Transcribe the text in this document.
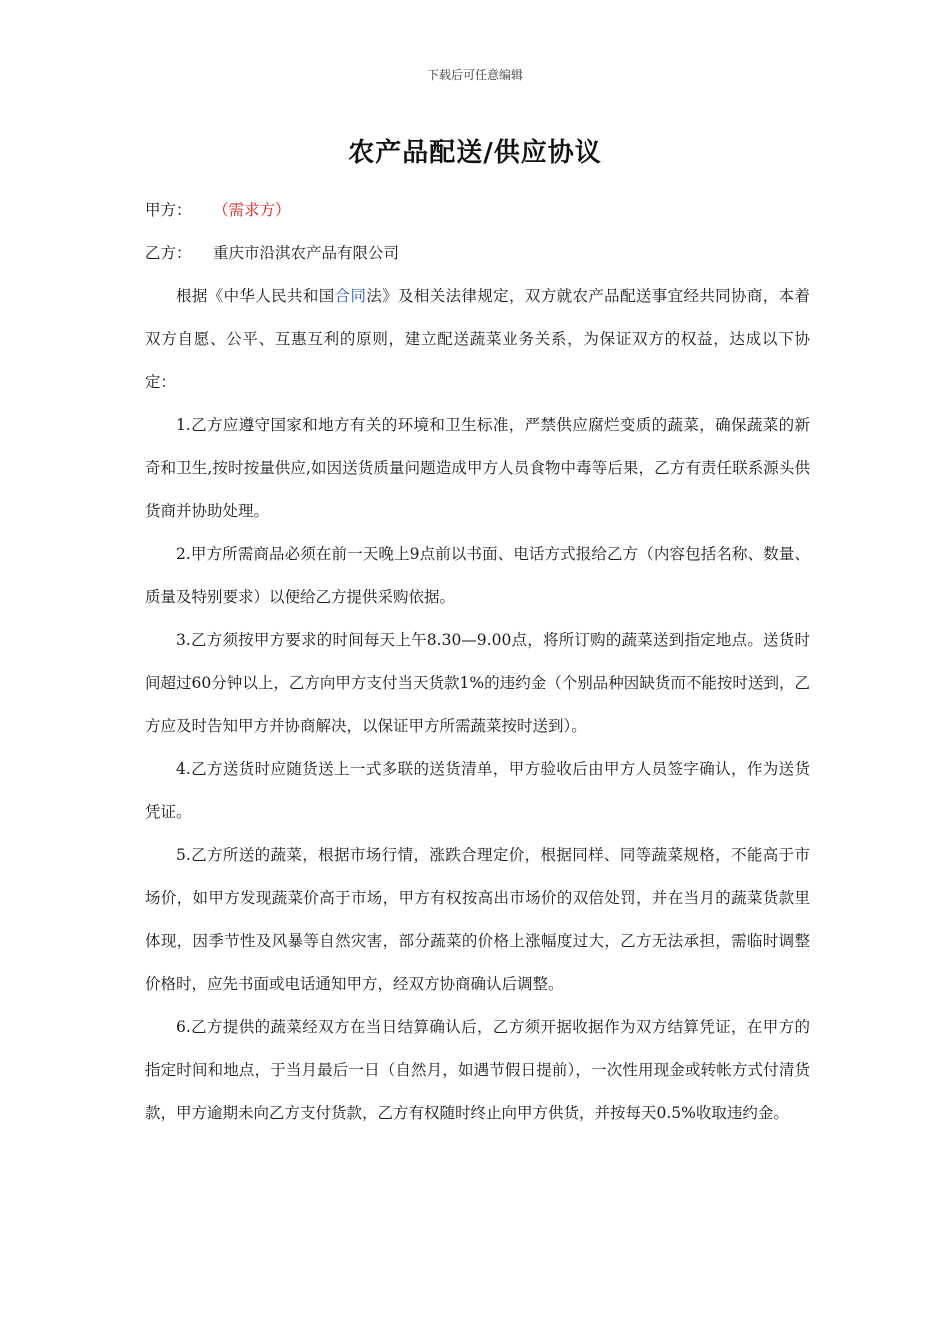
下载后可任意编辑
农产品配送/供应协议

甲方： （需求方）

乙方： 重庆市沿淇农产品有限公司

根据《中华人民共和国合同法》及相关法律规定，双方就农产品配送事宜经共同协商，本着双方自愿、公平、互惠互利的原则，建立配送蔬菜业务关系，为保证双方的权益，达成以下协定：

1.乙方应遵守国家和地方有关的环境和卫生标准，严禁供应腐烂变质的蔬菜，确保蔬菜的新奇和卫生,按时按量供应,如因送货质量问题造成甲方人员食物中毒等后果，乙方有责任联系源头供货商并协助处理。

2.甲方所需商品必须在前一天晚上9点前以书面、电话方式报给乙方（内容包括名称、数量、质量及特别要求）以便给乙方提供采购依据。

3.乙方须按甲方要求的时间每天上午8.30—9.00点，将所订购的蔬菜送到指定地点。送货时间超过60分钟以上，乙方向甲方支付当天货款1%的违约金（个别品种因缺货而不能按时送到，乙方应及时告知甲方并协商解决，以保证甲方所需蔬菜按时送到）。

4.乙方送货时应随货送上一式多联的送货清单，甲方验收后由甲方人员签字确认，作为送货凭证。

5.乙方所送的蔬菜，根据市场行情，涨跌合理定价，根据同样、同等蔬菜规格，不能高于市场价，如甲方发现蔬菜价高于市场，甲方有权按高出市场价的双倍处罚，并在当月的蔬菜货款里体现，因季节性及风暴等自然灾害，部分蔬菜的价格上涨幅度过大，乙方无法承担，需临时调整价格时，应先书面或电话通知甲方，经双方协商确认后调整。

6.乙方提供的蔬菜经双方在当日结算确认后，乙方须开据收据作为双方结算凭证，在甲方的指定时间和地点，于当月最后一日（自然月，如遇节假日提前），一次性用现金或转帐方式付清货款，甲方逾期未向乙方支付货款，乙方有权随时终止向甲方供货，并按每天0.5%收取违约金。
